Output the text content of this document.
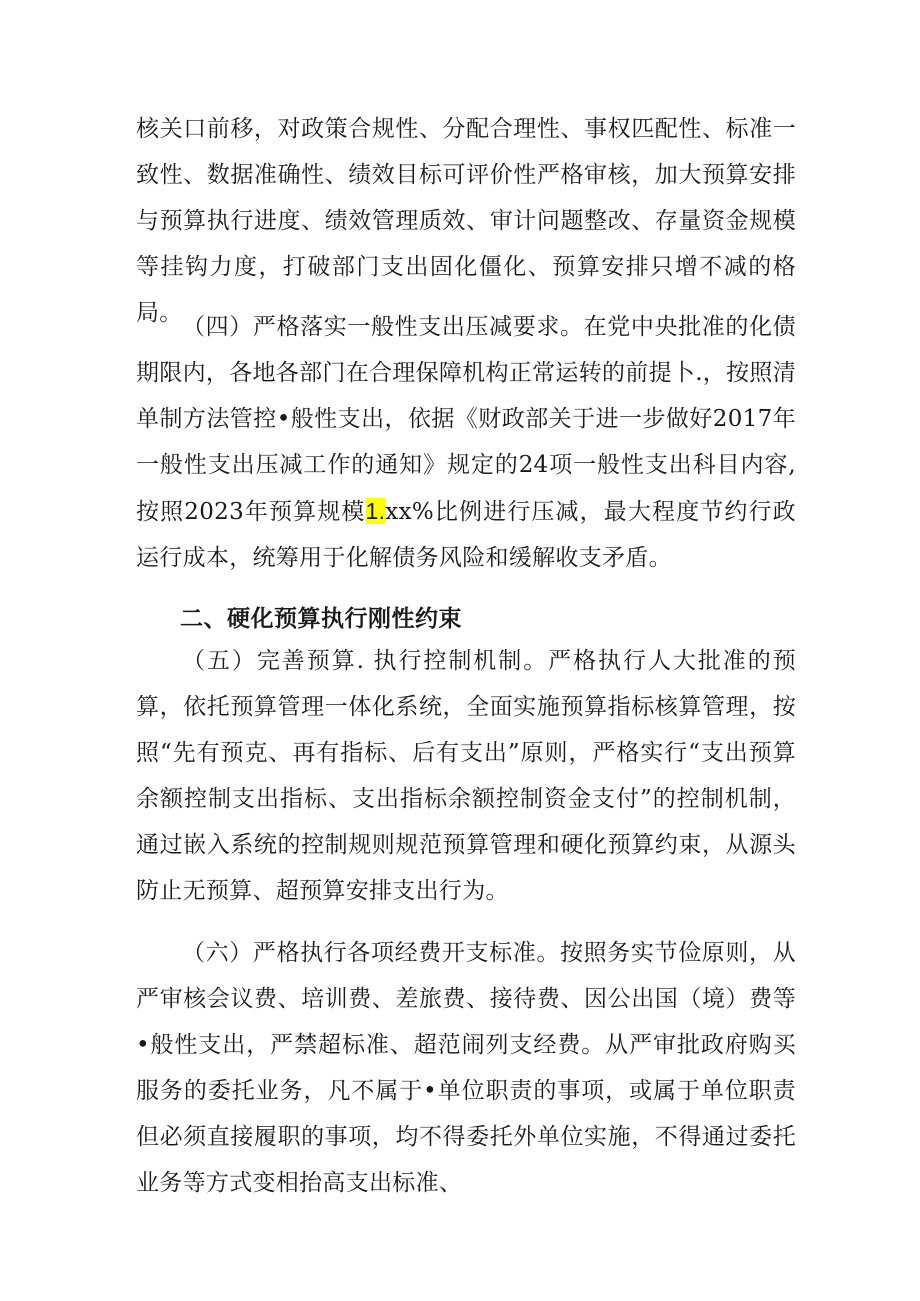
核关口前移，对政策合规性、分配合理性、事权匹配性、标准一致性、数据准确性、绩效目标可评价性严格审核，加大预算安排与预算执行进度、绩效管理质效、审计问题整改、存量资金规模等挂钩力度，打破部门支出固化僵化、预算安排只增不减的格局。

（四）严格落实一般性支出压减要求。在党中央批准的化债期限内，各地各部门在合理保障机构正常运转的前提卜.，按照清单制方法管控•般性支出，依据《财政部关于进一步做好2017年一般性支出压减工作的通知》规定的24项一般性支出科目内容, 按照2023年预算规模1.xx%比例进行压减，最大程度节约行政运行成本，统筹用于化解债务风险和缓解收支矛盾。

二、硬化预算执行刚性约束

（五）完善预算. 执行控制机制。严格执行人大批准的预算，依托预算管理一体化系统，全面实施预算指标核算管理，按照“先有预克、再有指标、后有支出”原则，严格实行“支出预算余额控制支出指标、支出指标余额控制资金支付”的控制机制，通过嵌入系统的控制规则规范预算管理和硬化预算约束，从源头防止无预算、超预算安排支出行为。

（六）严格执行各项经费开支标准。按照务实节俭原则，从严审核会议费、培训费、差旅费、接待费、因公出国（境）费等•般性支出，严禁超标准、超范闹列支经费。从严审批政府购买服务的委托业务，凡不属于•单位职责的事项，或属于单位职责但必须直接履职的事项，均不得委托外单位实施，不得通过委托业务等方式变相抬高支出标准、
